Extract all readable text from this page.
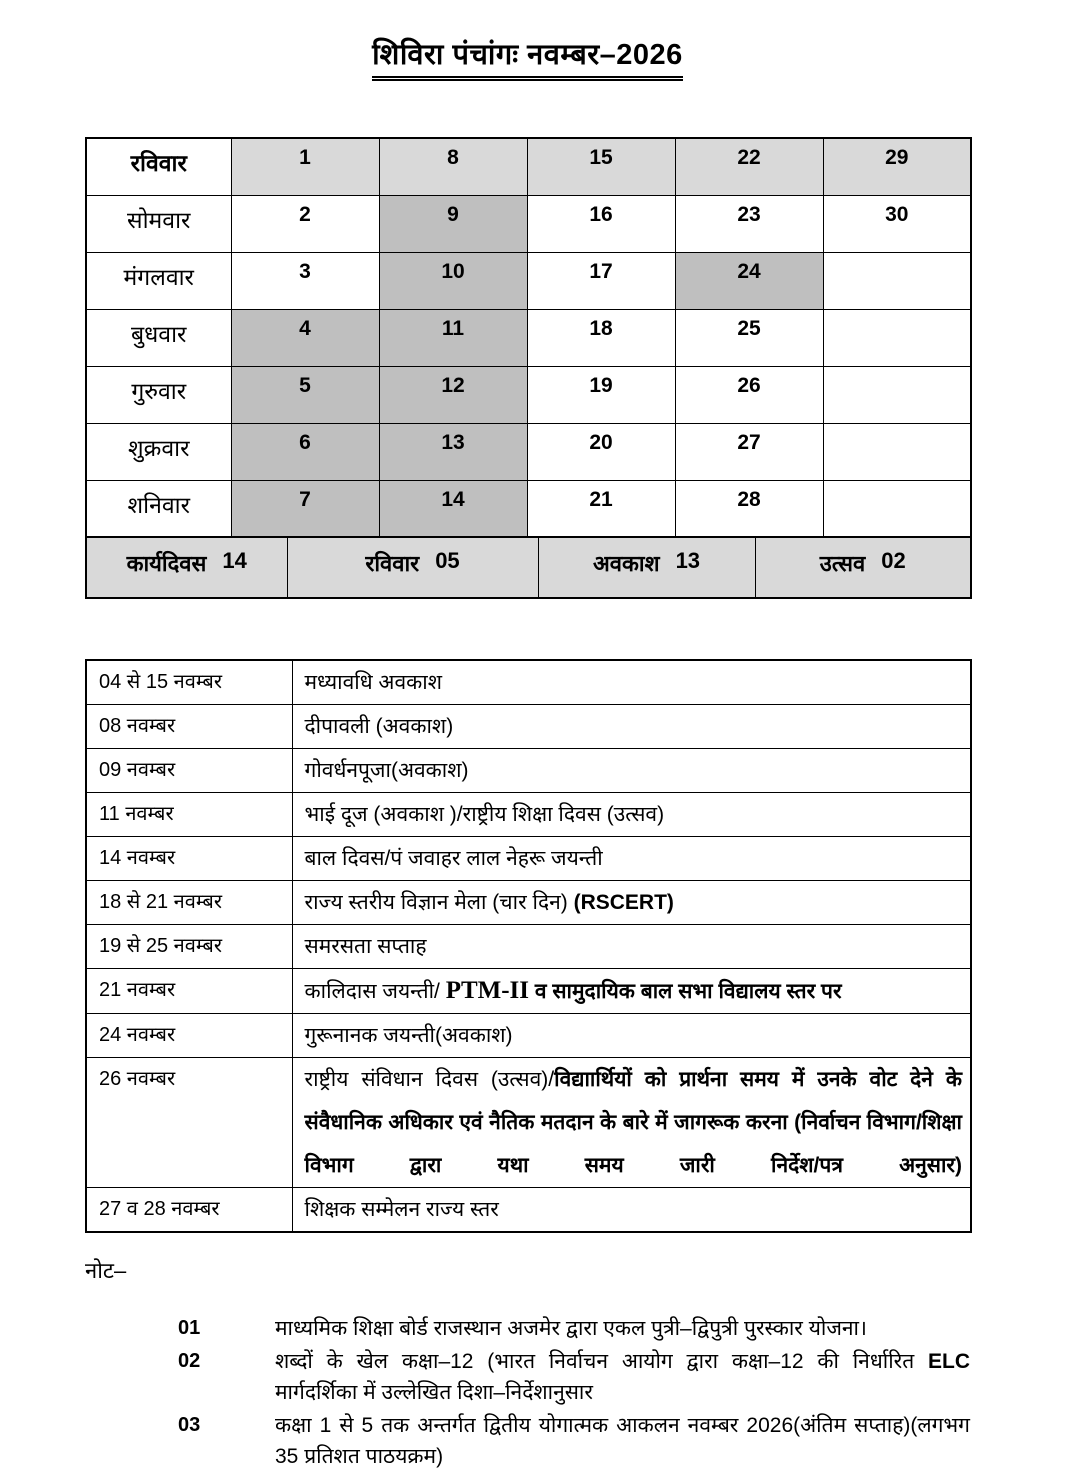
शिविरा पंचांगः नवम्बर–2026
रविवार	1	8	15	22	29
सोमवार	2	9	16	23	30
मंगलवार	3	10	17	24	
बुधवार	4	11	18	25	
गुरुवार	5	12	19	26	
शुक्रवार	6	13	20	27	
शनिवार	7	14	21	28	
कार्यदिवस 14	रविवार 05	अवकाश 13	उत्सव 02
04 से 15 नवम्बर	मध्यावधि अवकाश
08 नवम्बर	दीपावली (अवकाश)
09 नवम्बर	गोवर्धनपूजा(अवकाश)
11 नवम्बर	भाई दूज (अवकाश )/राष्ट्रीय शिक्षा दिवस (उत्सव)
14 नवम्बर	बाल दिवस/पं जवाहर लाल नेहरू जयन्ती
18 से 21 नवम्बर	राज्य स्तरीय विज्ञान मेला (चार दिन) (RSCERT)
19 से 25 नवम्बर	समरसता सप्ताह
21 नवम्बर	कालिदास जयन्ती/ PTM-II व सामुदायिक बाल सभा विद्यालय स्तर पर
24 नवम्बर	गुरूनानक जयन्ती(अवकाश)
26 नवम्बर	राष्ट्रीय संविधान दिवस (उत्सव)/विद्याार्थियों को प्रार्थना समय में उनके वोट देने के संवैधानिक अधिकार एवं नैतिक मतदान के बारे में जागरूक करना (निर्वाचन विभाग/शिक्षा विभाग द्वारा यथा समय जारी निर्देश/पत्र अनुसार)
27 व 28 नवम्बर	शिक्षक सम्मेलन राज्य स्तर
नोट–
01	माध्यमिक शिक्षा बोर्ड राजस्थान अजमेर द्वारा एकल पुत्री–द्विपुत्री पुरस्कार योजना।
02	शब्दों के खेल कक्षा–12 (भारत निर्वाचन आयोग द्वारा कक्षा–12 की निर्धारित ELC मार्गदर्शिका में उल्लेखित दिशा–निर्देशानुसार
03	कक्षा 1 से 5 तक अन्तर्गत द्वितीय योगात्मक आकलन नवम्बर 2026(अंतिम सप्ताह)(लगभग 35 प्रतिशत पाठयक्रम)
